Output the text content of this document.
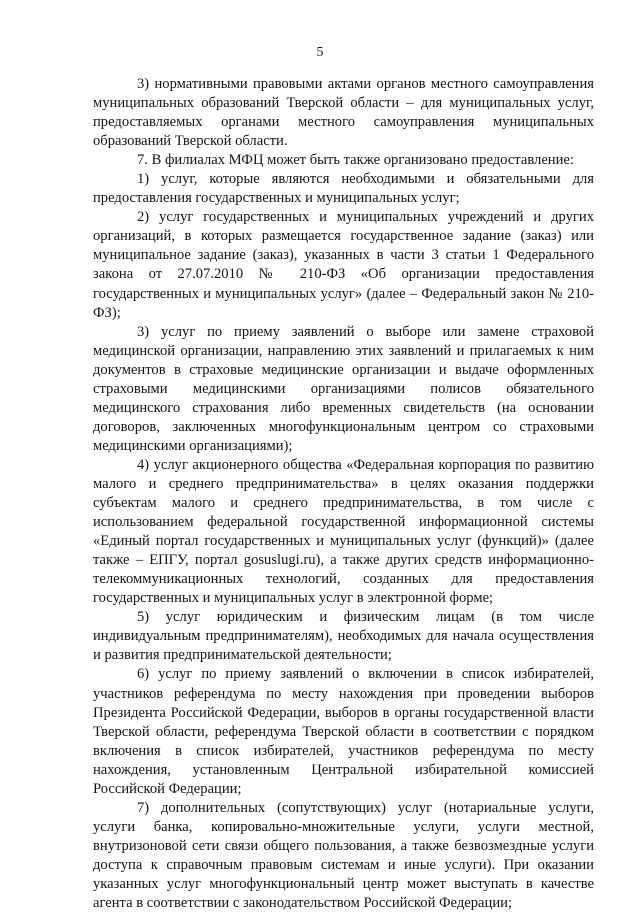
5

3) нормативными правовыми актами органов местного самоуправления муниципальных образований Тверской области – для муниципальных услуг, предоставляемых органами местного самоуправления муниципальных образований Тверской области.

7. В филиалах МФЦ может быть также организовано предоставление:

1) услуг, которые являются необходимыми и обязательными для предоставления государственных и муниципальных услуг;

2) услуг государственных и муниципальных учреждений и других организаций, в которых размещается государственное задание (заказ) или муниципальное задание (заказ), указанных в части 3 статьи 1 Федерального закона от 27.07.2010 № 210-ФЗ «Об организации предоставления государственных и муниципальных услуг» (далее – Федеральный закон № 210-ФЗ);

3) услуг по приему заявлений о выборе или замене страховой медицинской организации, направлению этих заявлений и прилагаемых к ним документов в страховые медицинские организации и выдаче оформленных страховыми медицинскими организациями полисов обязательного медицинского страхования либо временных свидетельств (на основании договоров, заключенных многофункциональным центром со страховыми медицинскими организациями);

4) услуг акционерного общества «Федеральная корпорация по развитию малого и среднего предпринимательства» в целях оказания поддержки субъектам малого и среднего предпринимательства, в том числе с использованием федеральной государственной информационной системы «Единый портал государственных и муниципальных услуг (функций)» (далее также – ЕПГУ, портал gosuslugi.ru), а также других средств информационно-телекоммуникационных технологий, созданных для предоставления государственных и муниципальных услуг в электронной форме;

5) услуг юридическим и физическим лицам (в том числе индивидуальным предпринимателям), необходимых для начала осуществления и развития предпринимательской деятельности;

6) услуг по приему заявлений о включении в список избирателей, участников референдума по месту нахождения при проведении выборов Президента Российской Федерации, выборов в органы государственной власти Тверской области, референдума Тверской области в соответствии с порядком включения в список избирателей, участников референдума по месту нахождения, установленным Центральной избирательной комиссией Российской Федерации;

7) дополнительных (сопутствующих) услуг (нотариальные услуги, услуги банка, копировально-множительные услуги, услуги местной, внутризоновой сети связи общего пользования, а также безвозмездные услуги доступа к справочным правовым системам и иные услуги). При оказании указанных услуг многофункциональный центр может выступать в качестве агента в соответствии с законодательством Российской Федерации;
